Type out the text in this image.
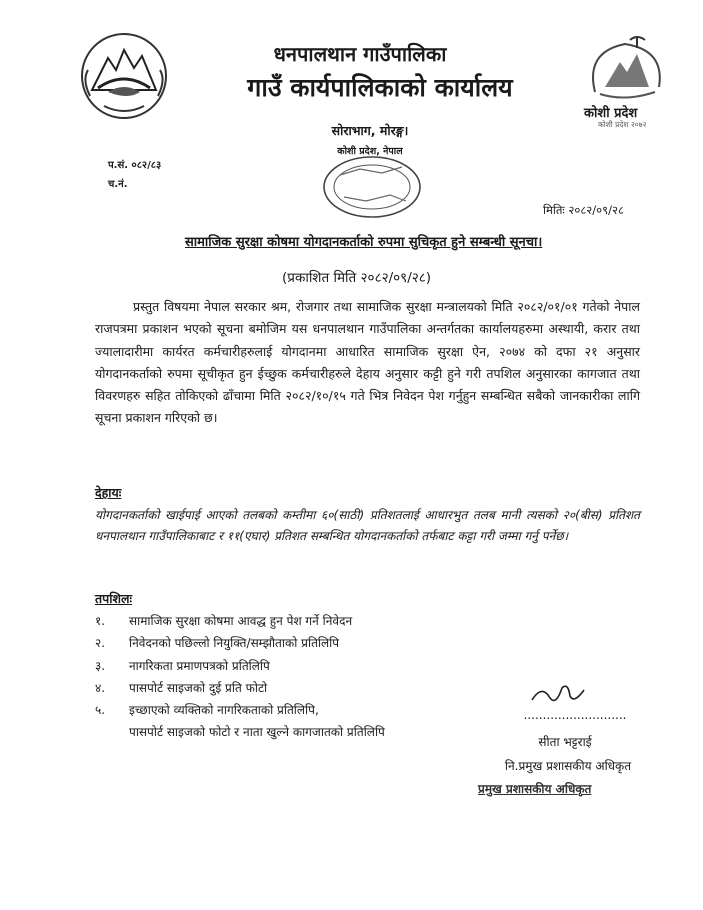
कोशी प्रदेश
कोशी प्रदेश २०७२
धनपालथान गाउँपालिका
गाउँ कार्यपालिकाको कार्यालय
सोराभाग, मोरङ्ग।
कोशी प्रदेश, नेपाल
प.सं. ०८२/८३
च.नं.
मितिः २०८२/०९/२८
सामाजिक सुरक्षा कोषमा योगदानकर्ताको रुपमा सुचिकृत हुने सम्बन्धी सूनचा।
(प्रकाशित मिति २०८२/०९/२८)

प्रस्तुत विषयमा नेपाल सरकार श्रम, रोजगार तथा सामाजिक सुरक्षा मन्त्रालयको मिति २०८२/०१/०१ गतेको नेपाल राजपत्रमा प्रकाशन भएको सूचना बमोजिम यस धनपालथान गाउँपालिका अन्तर्गतका कार्यालयहरुमा अस्थायी, करार तथा ज्यालादारीमा कार्यरत कर्मचारीहरुलाई योगदानमा आधारित सामाजिक सुरक्षा ऐन, २०७४ को दफा २१ अनुसार योगदानकर्ताको रुपमा सूचीकृत हुन ईच्छुक कर्मचारीहरुले देहाय अनुसार कट्टी हुने गरी तपशिल अनुसारका कागजात तथा विवरणहरु सहित तोकिएको ढाँचामा मिति २०८२/१०/१५ गते भित्र निवेदन पेश गर्नुहुन सम्बन्धित सबैको जानकारीका लागि सूचना प्रकाशन गरिएको छ।

देहायः
योगदानकर्ताको खाईपाई आएको तलबको कम्तीमा ६०(साठी) प्रतिशतलाई आधारभुत तलब मानी त्यसको २०(बीस) प्रतिशत धनपालथान गाउँपालिकाबाट र ११(एघार) प्रतिशत सम्बन्धित योगदानकर्ताको तर्फबाट कट्टा गरी जम्मा गर्नु पर्नेछ।
तपशिलः
१.	सामाजिक सुरक्षा कोषमा आवद्ध हुन पेश गर्ने निवेदन
२.	निवेदनको पछिल्लो नियुक्ति/सम्झौताको प्रतिलिपि
३.	नागरिकता प्रमाणपत्रको प्रतिलिपि
४.	पासपोर्ट साइजको दुई प्रति फोटो
५.	इच्छाएको व्यक्तिको नागरिकताको प्रतिलिपि,
पासपोर्ट साइजको फोटो र नाता खुल्ने कागजातको प्रतिलिपि
...........................
सीता भट्टराई
नि.प्रमुख प्रशासकीय अधिकृत
प्रमुख प्रशासकीय अधिकृत
